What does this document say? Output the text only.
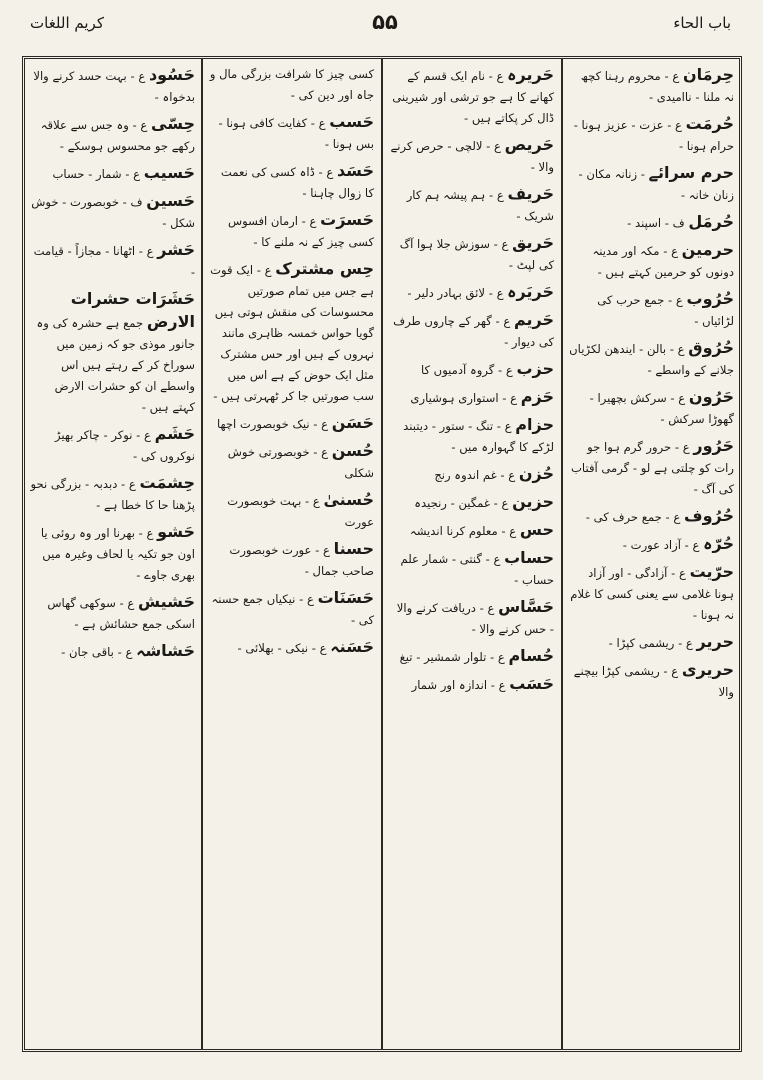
کریم اللغات	۵۵	باب الحاء

حِرمَان ع - محروم رہنا کچھ نہ ملنا - ناامیدی -

حُرمَت ع - عزت - عزیز ہونا - حرام ہونا -

حرم سرائے - زنانہ مکان - زنان خانہ -

حُرمَل ف - اسپند -

حرمین ع - مکہ اور مدینہ دونوں کو حرمین کہتے ہیں -

حُرُوب ع - جمع حرب کی لڑائیاں -

حُرُوق ع - بالن - ایندھن لکڑیاں جلانے کے واسطے -

حَرُون ع - سرکش بچھیرا - گھوڑا سرکش -

حَرُور ع - حرور گرم ہوا جو رات کو چلتی ہے لو - گرمی آفتاب کی آگ -

حُرُوف ع - جمع حرف کی -

حُرّہ ع - آزاد عورت -

حرّیت ع - آزادگی - اور آزاد ہونا غلامی سے یعنی کسی کا غلام نہ ہونا -

حریر ع - ریشمی کپڑا -

حریری ع - ریشمی کپڑا بیچنے والا

حَریرہ ع - نام ایک قسم کے کھانے کا ہے جو ترشی اور شیرینی ڈال کر پکاتے ہیں -

حَریص ع - لالچی - حرص کرنے والا -

حَریف ع - ہم پیشہ ہم کار شریک -

حَریق ع - سوزش جلا ہوا آگ کی لپٹ -

حَریَرہ ع - لائق بہادر دلیر -

حَریم ع - گھر کے چاروں طرف کی دیوار -

حزب ع - گروہ آدمیوں کا

حَزم ع - استواری ہوشیاری

حزام ع - تنگ - ستور - دیتبند لڑکے کا گہوارہ میں -

حُزن ع - غم اندوہ رنج

حزین ع - غمگین - رنجیدہ

حس ع - معلوم کرنا اندیشہ

حساب ع - گنتی - شمار علم حساب -

حَسَّاس ع - دریافت کرنے والا - حس کرنے والا -

حُسام ع - تلوار شمشیر - تیغ

حَسَب ع - اندازہ اور شمار

کسی چیز کا شرافت بزرگی مال و جاہ اور دین کی -

حَسب ع - کفایت کافی ہونا - بس ہونا -

حَسَد ع - ڈاہ کسی کی نعمت کا زوال چاہنا -

حَسرَت ع - ارمان افسوس کسی چیز کے نہ ملنے کا -

حِس مشترک ع - ایک قوت ہے جس میں تمام صورتیں محسوسات کی منقش ہوتی ہیں گویا حواس خمسہ ظاہری مانند نہروں کے ہیں اور حس مشترک مثل ایک حوض کے ہے اس میں سب صورتیں جا کر ٹھہرتی ہیں -

حَسَن ع - نیک خوبصورت اچھا

حُسن ع - خوبصورتی خوش شکلی

حُسنیٰ ع - بہت خوبصورت عورت

حسنا ع - عورت خوبصورت صاحب جمال -

حَسَنَات ع - نیکیاں جمع حسنہ کی -

حَسَنہ ع - نیکی - بھلائی -

حَسُود ع - بہت حسد کرنے والا بدخواہ -

حِسّی ع - وہ جس سے علاقہ رکھے جو محسوس ہوسکے -

حَسیب ع - شمار - حساب

حَسین ف - خوبصورت - خوش شکل -

حَشر ع - اٹھانا - مجازاً - قیامت -

حَشَرَات حشرات الارض جمع ہے حشرہ کی وہ جانور موذی جو کہ زمین میں سوراخ کر کے رہتے ہیں اس واسطے ان کو حشرات الارض کہتے ہیں -

حَشَم ع - نوکر - چاکر بھیڑ نوکروں کی -

حِشمَت ع - دبدبہ - بزرگی نحو پڑھنا حا کا خطا ہے -

حَشو ع - بھرنا اور وہ روئی یا اون جو تکیہ یا لحاف وغیرہ میں بھری جاوے -

حَشیش ع - سوکھی گھاس اسکی جمع حشائش ہے -

حَشاشہ ع - باقی جان -
